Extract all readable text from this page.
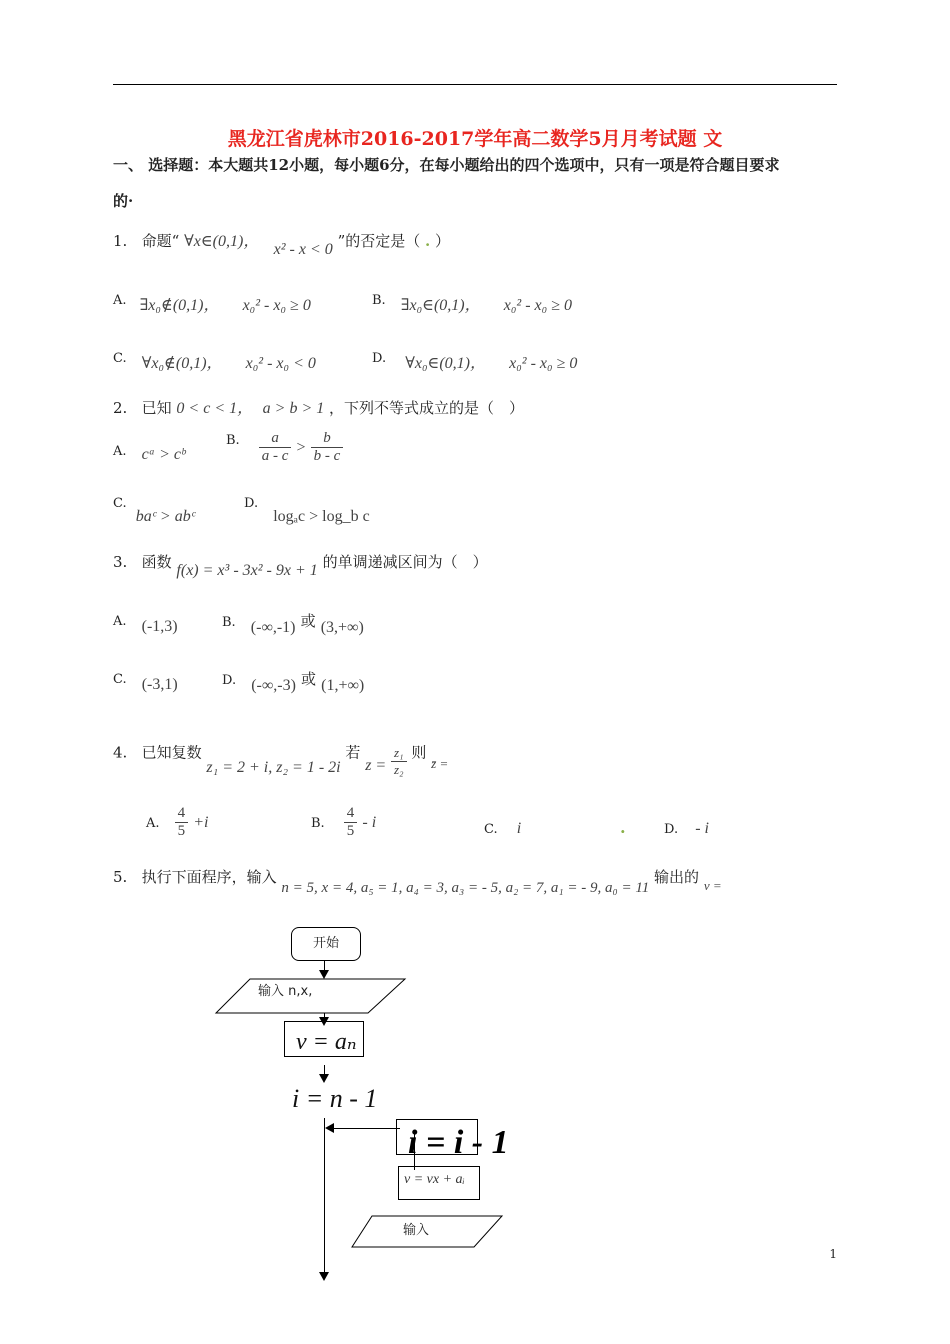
黑龙江省虎林市2016-2017学年高二数学5月月考试题 文
一、 选择题：本大题共12小题，每小题6分，在每小题给出的四个选项中，只有一项是符合题目要求
的·
1. 命题“ ∀x∈(0,1)， x² - x < 0 ”的否定是（ . ）
A. ∃x₀∉(0,1)， x₀² - x₀ ≥ 0	B. ∃x₀∈(0,1)， x₀² - x₀ ≥ 0
C. ∀x₀∉(0,1)， x₀² - x₀ < 0	D. ∀x₀∈(0,1)， x₀² - x₀ ≥ 0
2. 已知 0 < c < 1， a > b > 1 ，下列不等式成立的是（　）
A. cᵃ > cᵇ
$^{B.} \frac{a}{a - c} > \frac{b}{b - c}$
C. baᶜ > abᶜ
D. logₐc > log_b c
3. 函数 f(x) = x³ - 3x² - 9x + 1 的单调递减区间为（　）
A. (-1,3)	B. (-∞,-1) 或 (3,+∞)
C. (-3,1)	D. (-∞,-3) 或 (1,+∞)
4. 已知复数 z₁ = 2 + i, z₂ = 1 - 2i 若 $z = \frac{\text{z₁}}{\text{z₂}}$ 则 z̄ =
A. $\frac{4}{5} +i$	B. $\frac{4}{5}$ - i	C. i	.	D. - i
5. 执行下面程序，输入 n = 5, x = 4, a₅ = 1, a₄ = 3, a₃ = - 5, a₂ = 7, a₁ = - 9, a₀ = 11 输出的 v =
开始
输入 n,x,
v = aₙ
i = n - 1
i = i - 1
v = vx + aᵢ
输入
1
